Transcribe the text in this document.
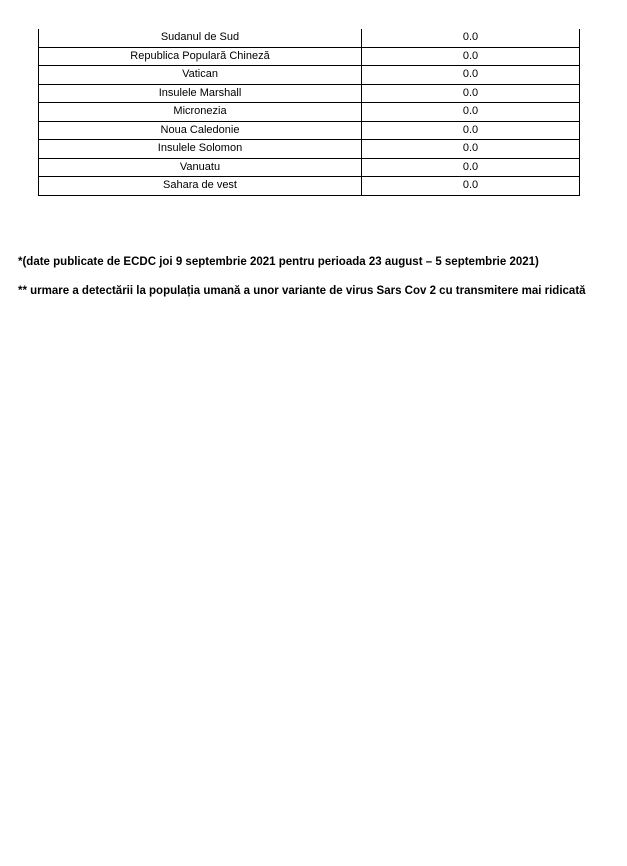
Sudanul de Sud	0.0
Republica Populară Chineză	0.0
Vatican	0.0
Insulele Marshall	0.0
Micronezia	0.0
Noua Caledonie	0.0
Insulele Solomon	0.0
Vanuatu	0.0
Sahara de vest	0.0

*(date publicate de ECDC joi 9 septembrie 2021 pentru perioada 23 august – 5 septembrie 2021)

** urmare a detectării la populația umană a unor variante de virus Sars Cov 2 cu transmitere mai ridicată
